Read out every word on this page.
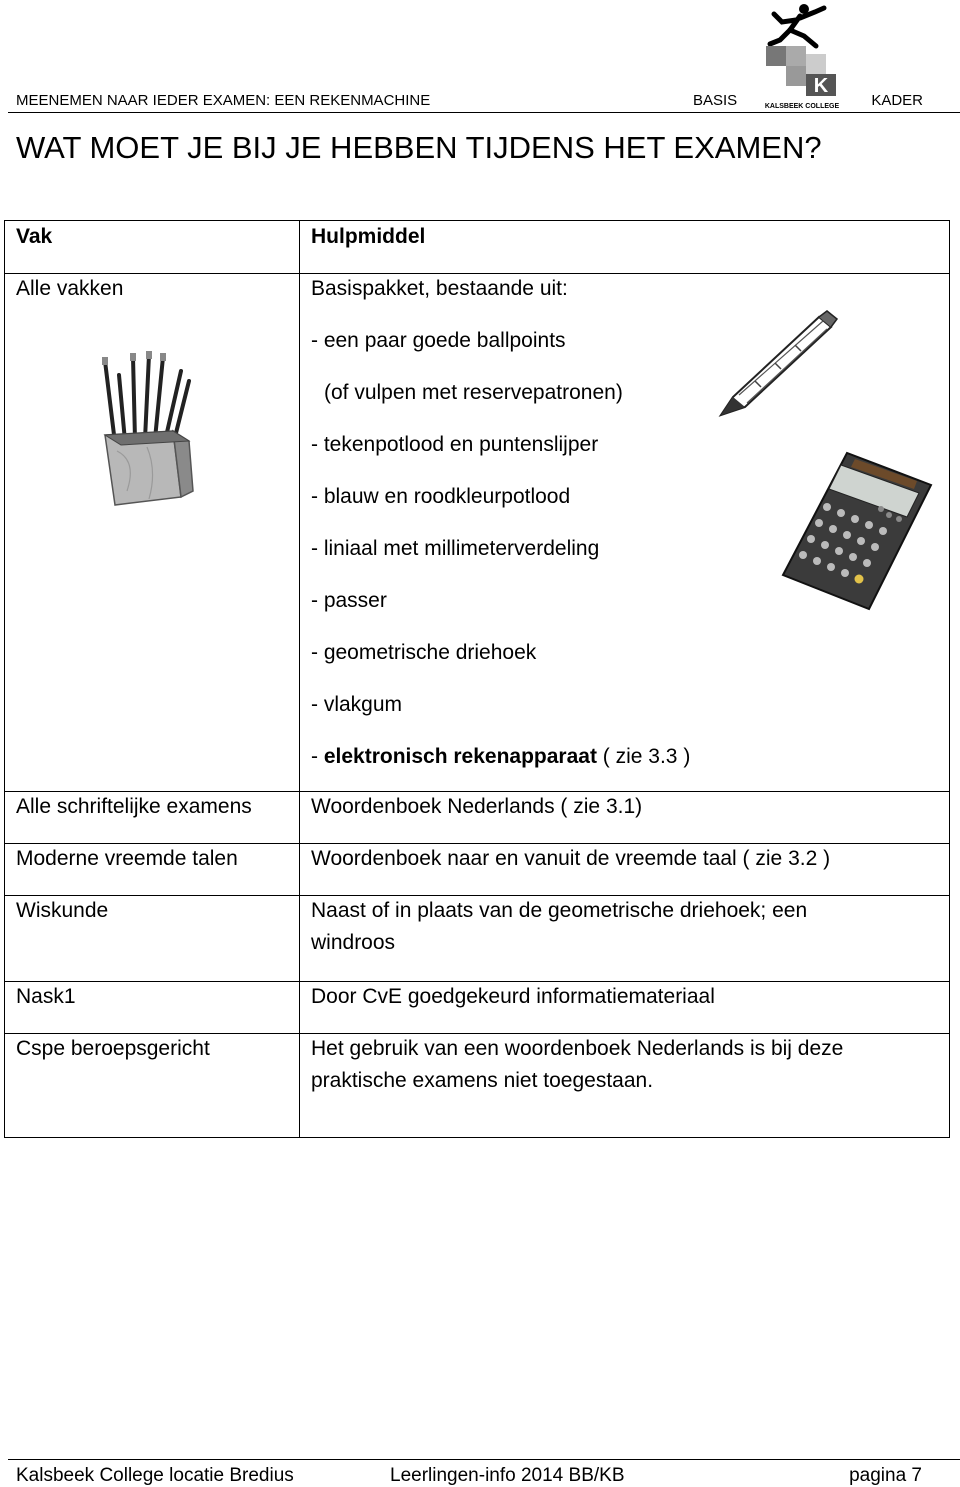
MEENEMEN NAAR IEDER EXAMEN: EEN REKENMACHINE	BASIS	KADER
K
KALSBEEK COLLEGE
WAT MOET JE BIJ JE HEBBEN TIJDENS HET EXAMEN?
Vak	Hulpmiddel
Alle vakken	Basispakket, bestaande uit:
- een paar goede ballpoints
(of vulpen met reservepatronen)
- tekenpotlood en puntenslijper
- blauw en roodkleurpotlood
- liniaal met millimeterverdeling
- passer
- geometrische driehoek
- vlakgum
- elektronisch rekenapparaat ( zie 3.3 )
Alle schriftelijke examens	Woordenboek Nederlands ( zie 3.1)
Moderne vreemde talen	Woordenboek naar en vanuit de vreemde taal ( zie 3.2 )
Wiskunde	Naast of in plaats van de geometrische driehoek; een
windroos
Nask1	Door CvE goedgekeurd informatiemateriaal
Cspe beroepsgericht	Het gebruik van een woordenboek Nederlands is bij deze
praktische examens niet toegestaan.
Kalsbeek College locatie Bredius	Leerlingen-info 2014 BB/KB	pagina 7
